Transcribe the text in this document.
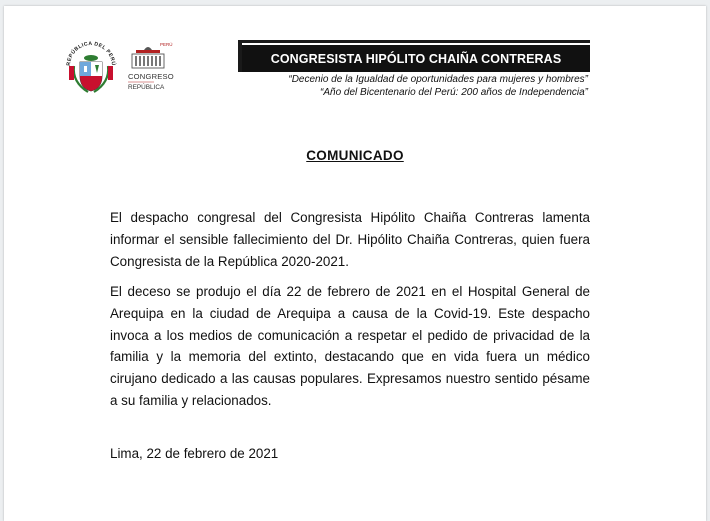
REPÚBLICA DEL PERÚ
PERÚ
CONGRESO
REPÚBLICA
CONGRESISTA HIPÓLITO CHAIÑA CONTRERAS
“Decenio de la Igualdad de oportunidades para mujeres y hombres”
“Año del Bicentenario del Perú: 200 años de Independencia”
COMUNICADO

El despacho congresal del Congresista Hipólito Chaiña Contreras lamenta informar el sensible fallecimiento del Dr. Hipólito Chaiña Contreras, quien fuera Congresista de la República 2020-2021.

El deceso se produjo el día 22 de febrero de 2021 en el Hospital General de Arequipa en la ciudad de Arequipa a causa de la Covid-19. Este despacho invoca a los medios de comunicación a respetar el pedido de privacidad de la familia y la memoria del extinto, destacando que en vida fuera un médico cirujano dedicado a las causas populares. Expresamos nuestro sentido pésame a su familia y relacionados.

Lima, 22 de febrero de 2021
